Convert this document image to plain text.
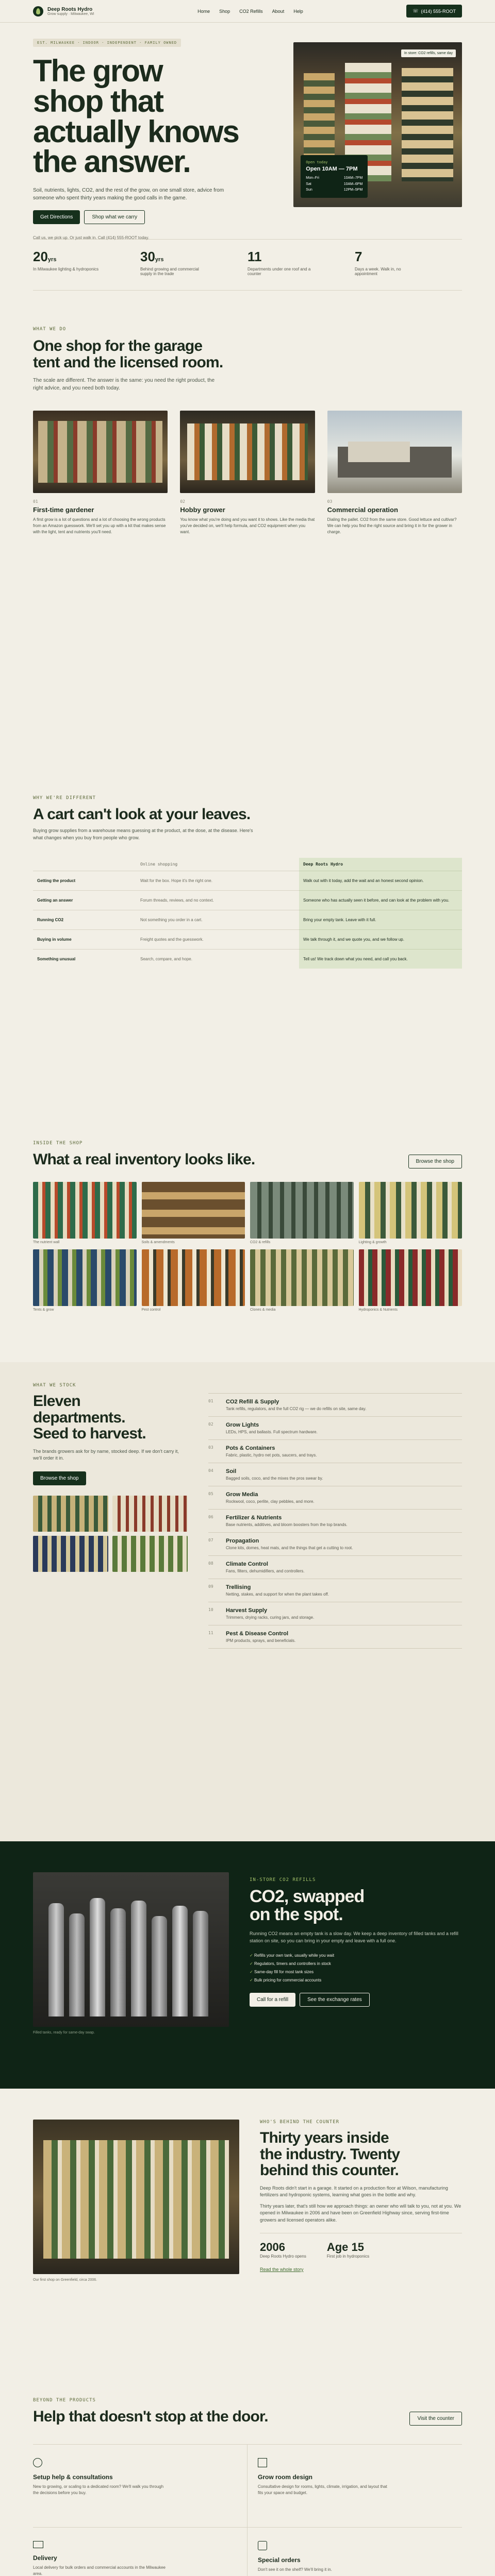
Deep Roots Hydro
Grow supply · Milwaukee, WI
Home Shop CO2 Refills About Help	☏ (414) 555-ROOT
EST. MILWAUKEE · INDOOR · INDEPENDENT · FAMILY OWNED
The grow
shop that
actually knows
the answer.

Soil, nutrients, lights, CO2, and the rest of the grow, on one small store, advice from someone who spent thirty years making the good calls in the game.

Get Directions	Shop what we carry
Call us, we pick up. Or just walk in. Call (414) 555-ROOT today.
Open today
Open 10AM — 7PM
Mon–Fri	10AM–7PM
Sat	10AM–6PM
Sun	12PM–5PM
In store: CO2 refills, same day
20yrs
In Milwaukee lighting & hydroponics
30yrs
Behind growing and commercial supply in the trade
11
Departments under one roof and a counter
7
Days a week. Walk in, no appointment
WHAT WE DO
One shop for the garage
tent and the licensed room.

The scale are different. The answer is the same: you need the right product, the right advice, and you need both today.

01
First-time gardener

A first grow is a lot of questions and a lot of choosing the wrong products from an Amazon guesswork. We'll set you up with a kit that makes sense with the light, tent and nutrients you'll need.

02
Hobby grower

You know what you're doing and you want it to shows. Like the media that you've decided on, we'll help formula, and CO2 equipment when you want.

03
Commercial operation

Dialing the pallet. CO2 from the same store. Good lettuce and cultivar? We can help you find the right source and bring it in for the grower in charge.

WHY WE'RE DIFFERENT
A cart can't look at your leaves.

Buying grow supplies from a warehouse means guessing at the product, at the dose, at the disease. Here's what changes when you buy from people who grow.

Online shopping	Deep Roots Hydro
Getting the product	Wait for the box. Hope it's the right one.	Walk out with it today, add the wait and an honest second opinion.
Getting an answer	Forum threads, reviews, and no context.	Someone who has actually seen it before, and can look at the problem with you.
Running CO2	Not something you order in a cart.	Bring your empty tank. Leave with it full.
Buying in volume	Freight quotes and the guesswork.	We talk through it, and we quote you, and we follow up.
Something unusual	Search, compare, and hope.	Tell us! We track down what you need, and call you back.
INSIDE THE SHOP
What a real inventory looks like.	Browse the shop
The nutrient wall	Soils & amendments	CO2 & refills	Lighting & growth
Tents & grow	Pest control	Clones & media	Hydroponics & Nutrients
WHAT WE STOCK
Eleven
departments.
Seed to harvest.

The brands growers ask for by name, stocked deep. If we don't carry it, we'll order it in.

Browse the shop
01	CO2 Refill & Supply
Tank refills, regulators, and the full CO2 rig — we do refills on site, same day.
02	Grow Lights
LEDs, HPS, and ballasts. Full spectrum hardware.
03	Pots & Containers
Fabric, plastic, hydro net pots, saucers, and trays.
04	Soil
Bagged soils, coco, and the mixes the pros swear by.
05	Grow Media
Rockwool, coco, perlite, clay pebbles, and more.
06	Fertilizer & Nutrients
Base nutrients, additives, and bloom boosters from the top brands.
07	Propagation
Clone kits, domes, heat mats, and the things that get a cutting to root.
08	Climate Control
Fans, filters, dehumidifiers, and controllers.
09	Trellising
Netting, stakes, and support for when the plant takes off.
10	Harvest Supply
Trimmers, drying racks, curing jars, and storage.
11	Pest & Disease Control
IPM products, sprays, and beneficials.
Filled tanks, ready for same-day swap.
IN-STORE CO2 REFILLS
CO2, swapped
on the spot.

Running CO2 means an empty tank is a slow day. We keep a deep inventory of filled tanks and a refill station on site, so you can bring in your empty and leave with a full one.

✓ Refills your own tank, usually while you wait
✓ Regulators, timers and controllers in stock
✓ Same-day fill for most tank sizes
✓ Bulk pricing for commercial accounts
Call for a refill	See the exchange rates
Our first shop on Greenfield, circa 2006.
WHO'S BEHIND THE COUNTER
Thirty years inside
the industry. Twenty
behind this counter.

Deep Roots didn't start in a garage. It started on a production floor at Wilson, manufacturing fertilizers and hydroponic systems, learning what goes in the bottle and why.

Thirty years later, that's still how we approach things: an owner who will talk to you, not at you. We opened in Milwaukee in 2006 and have been on Greenfield Highway since, serving first-time growers and licensed operators alike.

2006
Deep Roots Hydro opens
Age 15
First job in hydroponics
Read the whole story
BEYOND THE PRODUCTS
Help that doesn't stop at the door.	Visit the counter
Setup help & consultations
New to growing, or scaling to a dedicated room? We'll walk you through the decisions before you buy.
Grow room design
Consultative design for rooms, lights, climate, irrigation, and layout that fits your space and budget.
Delivery
Local delivery for bulk orders and commercial accounts in the Milwaukee area.
Special orders
Don't see it on the shelf? We'll bring it in.
